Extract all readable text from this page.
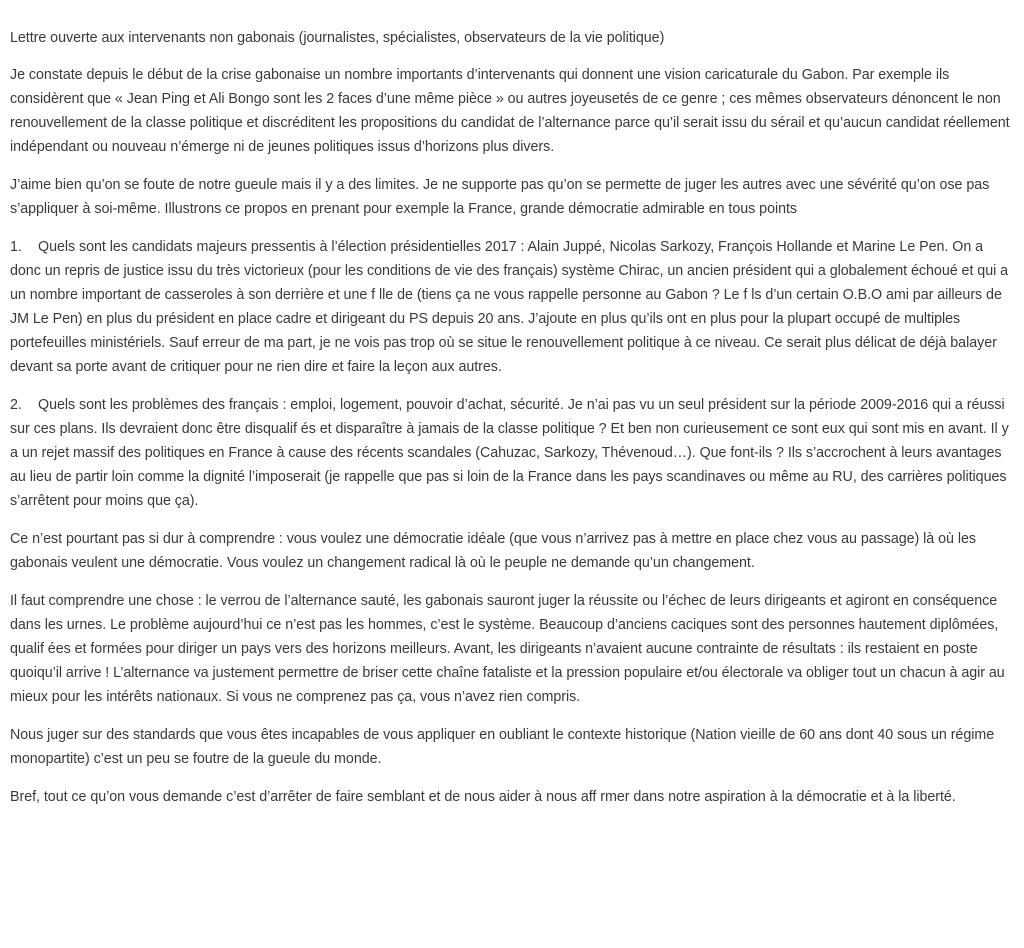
Lettre ouverte aux intervenants non gabonais (journalistes, spécialistes, observateurs de la vie politique)

Je constate depuis le début de la crise gabonaise un nombre importants d’intervenants qui donnent une vision caricaturale du Gabon. Par exemple ils considèrent que « Jean Ping et Ali Bongo sont les 2 faces d’une même pièce » ou autres joyeusetés de ce genre ; ces mêmes observateurs dénoncent le non renouvellement de la classe politique et discréditent les propositions du candidat de l’alternance parce qu’il serait issu du sérail et qu’aucun candidat réellement indépendant ou nouveau n’émerge ni de jeunes politiques issus d’horizons plus divers.

J’aime bien qu’on se foute de notre gueule mais il y a des limites. Je ne supporte pas qu’on se permette de juger les autres avec une sévérité qu’on ose pas s’appliquer à soi-même. Illustrons ce propos en prenant pour exemple la France, grande démocratie admirable en tous points

1. Quels sont les candidats majeurs pressentis à l’élection présidentielles 2017 : Alain Juppé, Nicolas Sarkozy, François Hollande et Marine Le Pen. On a donc un repris de justice issu du très victorieux (pour les conditions de vie des français) système Chirac, un ancien président qui a globalement échoué et qui a un nombre important de casseroles à son derrière et une f lle de (tiens ça ne vous rappelle personne au Gabon ? Le f ls d’un certain O.B.O ami par ailleurs de JM Le Pen) en plus du président en place cadre et dirigeant du PS depuis 20 ans. J’ajoute en plus qu’ils ont en plus pour la plupart occupé de multiples portefeuilles ministériels. Sauf erreur de ma part, je ne vois pas trop où se situe le renouvellement politique à ce niveau. Ce serait plus délicat de déjà balayer devant sa porte avant de critiquer pour ne rien dire et faire la leçon aux autres.

2. Quels sont les problèmes des français : emploi, logement, pouvoir d’achat, sécurité. Je n’ai pas vu un seul président sur la période 2009-2016 qui a réussi sur ces plans. Ils devraient donc être disqualif és et disparaître à jamais de la classe politique ? Et ben non curieusement ce sont eux qui sont mis en avant. Il y a un rejet massif des politiques en France à cause des récents scandales (Cahuzac, Sarkozy, Thévenoud…). Que font-ils ? Ils s’accrochent à leurs avantages au lieu de partir loin comme la dignité l’imposerait (je rappelle que pas si loin de la France dans les pays scandinaves ou même au RU, des carrières politiques s’arrêtent pour moins que ça).

Ce n’est pourtant pas si dur à comprendre : vous voulez une démocratie idéale (que vous n’arrivez pas à mettre en place chez vous au passage) là où les gabonais veulent une démocratie. Vous voulez un changement radical là où le peuple ne demande qu’un changement.

Il faut comprendre une chose : le verrou de l’alternance sauté, les gabonais sauront juger la réussite ou l’échec de leurs dirigeants et agiront en conséquence dans les urnes. Le problème aujourd’hui ce n’est pas les hommes, c’est le système. Beaucoup d’anciens caciques sont des personnes hautement diplômées, qualif ées et formées pour diriger un pays vers des horizons meilleurs. Avant, les dirigeants n’avaient aucune contrainte de résultats : ils restaient en poste quoiqu’il arrive ! L’alternance va justement permettre de briser cette chaîne fataliste et la pression populaire et/ou électorale va obliger tout un chacun à agir au mieux pour les intérêts nationaux. Si vous ne comprenez pas ça, vous n’avez rien compris.

Nous juger sur des standards que vous êtes incapables de vous appliquer en oubliant le contexte historique (Nation vieille de 60 ans dont 40 sous un régime monopartite) c’est un peu se foutre de la gueule du monde.

Bref, tout ce qu’on vous demande c’est d’arrêter de faire semblant et de nous aider à nous aff rmer dans notre aspiration à la démocratie et à la liberté.
